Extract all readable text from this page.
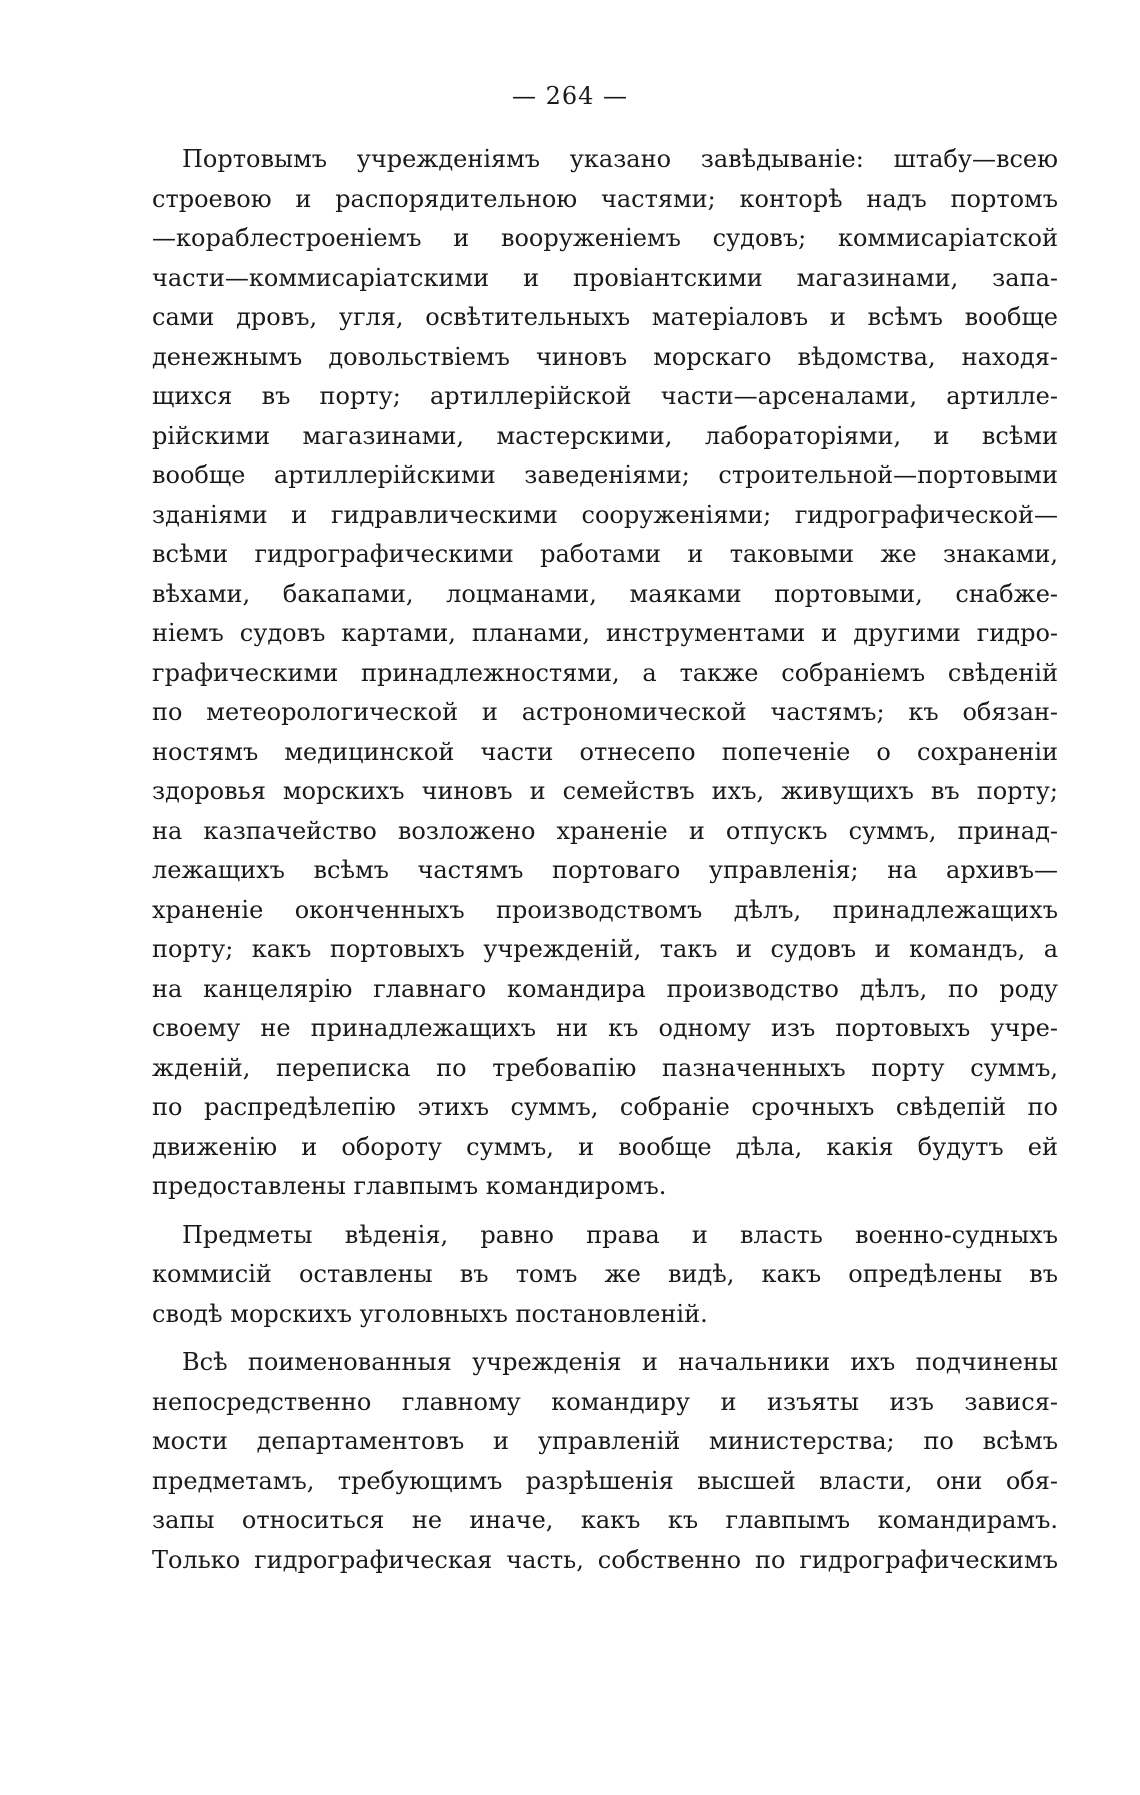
— 264 —
Портовымъ учрежденіямъ указано завѣдываніе: штабу—всею
строевою и распорядительною частями; конторѣ надъ портомъ
—кораблестроеніемъ и вооруженіемъ судовъ; коммисаріатской
части—коммисаріатскими и провіантскими магазинами, запа-
сами дровъ, угля, освѣтительныхъ матеріаловъ и всѣмъ вообще
денежнымъ довольствіемъ чиновъ морскаго вѣдомства, находя-
щихся въ порту; артиллерійской части—арсеналами, артилле-
рійскими магазинами, мастерскими, лабораторіями, и всѣми
вообще артиллерійскими заведеніями; строительной—портовыми
зданіями и гидравлическими сооруженіями; гидрографической—
всѣми гидрографическими работами и таковыми же знаками,
вѣхами, бакапами, лоцманами, маяками портовыми, снабже-
ніемъ судовъ картами, планами, инструментами и другими гидро-
графическими принадлежностями, а также собраніемъ свѣденій
по метеорологической и астрономической частямъ; къ обязан-
ностямъ медицинской части отнесепо попеченіе о сохраненіи
здоровья морскихъ чиновъ и семействъ ихъ, живущихъ въ порту;
на казпачейство возложено храненіе и отпускъ суммъ, принад-
лежащихъ всѣмъ частямъ портоваго управленія; на архивъ—
храненіе оконченныхъ производствомъ дѣлъ, принадлежащихъ
порту; какъ портовыхъ учрежденій, такъ и судовъ и командъ, а
на канцелярію главнаго командира производство дѣлъ, по роду
своему не принадлежащихъ ни къ одному изъ портовыхъ учре-
жденій, переписка по требовапію пазначенныхъ порту суммъ,
по распредѣлепію этихъ суммъ, собраніе срочныхъ свѣдепій по
движенію и обороту суммъ, и вообще дѣла, какія будутъ ей
предоставлены главпымъ командиромъ.
Предметы вѣденія, равно права и власть военно-судныхъ
коммисій оставлены въ томъ же видѣ, какъ опредѣлены въ
сводѣ морскихъ уголовныхъ постановленій.
Всѣ поименованныя учрежденія и начальники ихъ подчинены
непосредственно главному командиру и изъяты изъ завися-
мости департаментовъ и управленій министерства; по всѣмъ
предметамъ, требующимъ разрѣшенія высшей власти, они обя-
запы относиться не иначе, какъ къ главпымъ командирамъ.
Только гидрографическая часть, собственно по гидрографическимъ
